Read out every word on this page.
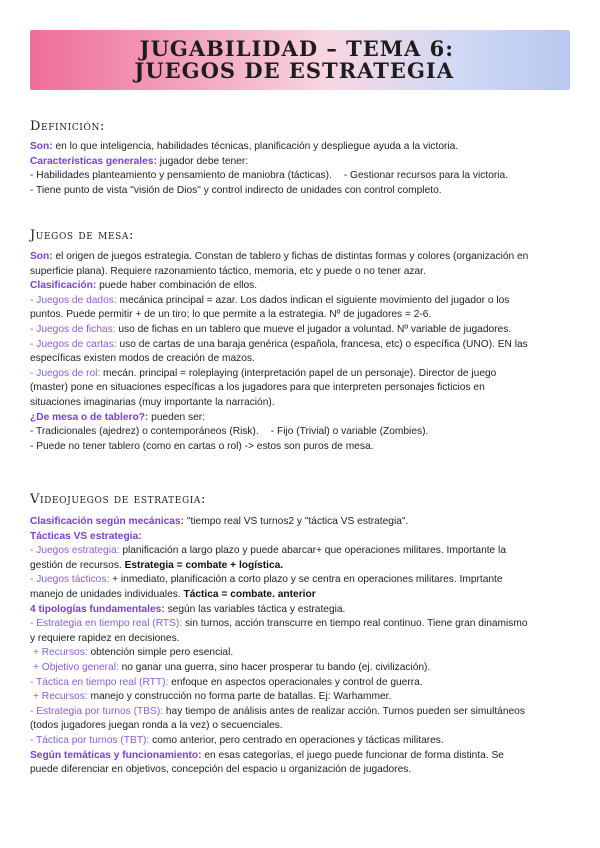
JUGABILIDAD – TEMA 6:
JUEGOS DE ESTRATEGIA
Definición:
Son: en lo que inteligencia, habilidades técnicas, planificación y despliegue ayuda a la victoria.
Características generales: jugador debe tener:
- Habilidades planteamiento y pensamiento de maniobra (tácticas). - Gestionar recursos para la victoria.
- Tiene punto de vista "visión de Dios" y control indirecto de unidades con control completo.
Juegos de mesa:
Son: el origen de juegos estrategia. Constan de tablero y fichas de distintas formas y colores (organización en
superficie plana). Requiere razonamiento táctico, memoria, etc y puede o no tener azar.
Clasificación: puede haber combinación de ellos.
- Juegos de dados: mecánica principal = azar. Los dados indican el siguiente movimiento del jugador o los
puntos. Puede permitir + de un tiro; lo que permite a la estrategia. Nº de jugadores = 2-6.
- Juegos de fichas: uso de fichas en un tablero que mueve el jugador a voluntad. Nº variable de jugadores.
- Juegos de cartas: uso de cartas de una baraja genérica (española, francesa, etc) o específica (UNO). EN las
específicas existen modos de creación de mazos.
- Juegos de rol: mecán. principal = roleplaying (interpretación papel de un personaje). Director de juego
(master) pone en situaciones específicas a los jugadores para que interpreten personajes ficticios en
situaciones imaginarias (muy importante la narración).
¿De mesa o de tablero?: pueden ser:
- Tradicionales (ajedrez) o contemporáneos (Risk). - Fijo (Trivial) o variable (Zombies).
- Puede no tener tablero (como en cartas o rol) -> estos son puros de mesa.
Videojuegos de estrategia:
Clasificación según mecánicas: "tiempo real VS turnos2 y "táctica VS estrategia".
Tácticas VS estrategia:
- Juegos estrategia: planificación a largo plazo y puede abarcar+ que operaciones militares. Importante la
gestión de recursos. Estrategia = combate + logística.
- Juegos tácticos: + inmediato, planificación a corto plazo y se centra en operaciones militares. Imprtante
manejo de unidades individuales. Táctica = combate. anterior
4 tipologías fundamentales: según las variables táctica y estrategia.
- Estrategia en tiempo real (RTS): sin turnos, acción transcurre en tiempo real continuo. Tiene gran dinamismo
y requiere rapidez en decisiones.
+ Recursos: obtención simple pero esencial.
+ Objetivo general: no ganar una guerra, sino hacer prosperar tu bando (ej. civilización).
- Táctica en tiempo real (RTT): enfoque en aspectos operacionales y control de guerra.
+ Recursos: manejo y construcción no forma parte de batallas. Ej: Warhammer.
- Estrategia por turnos (TBS): hay tiempo de análisis antes de realizar acción. Turnos pueden ser simultáneos
(todos jugadores juegan ronda a la vez) o secuenciales.
- Táctica por turnos (TBT): como anterior, pero centrado en operaciones y tácticas militares.
Según temáticas y funcionamiento: en esas categorías, el juego puede funcionar de forma distinta. Se
puede diferenciar en objetivos, concepción del espacio u organización de jugadores.
